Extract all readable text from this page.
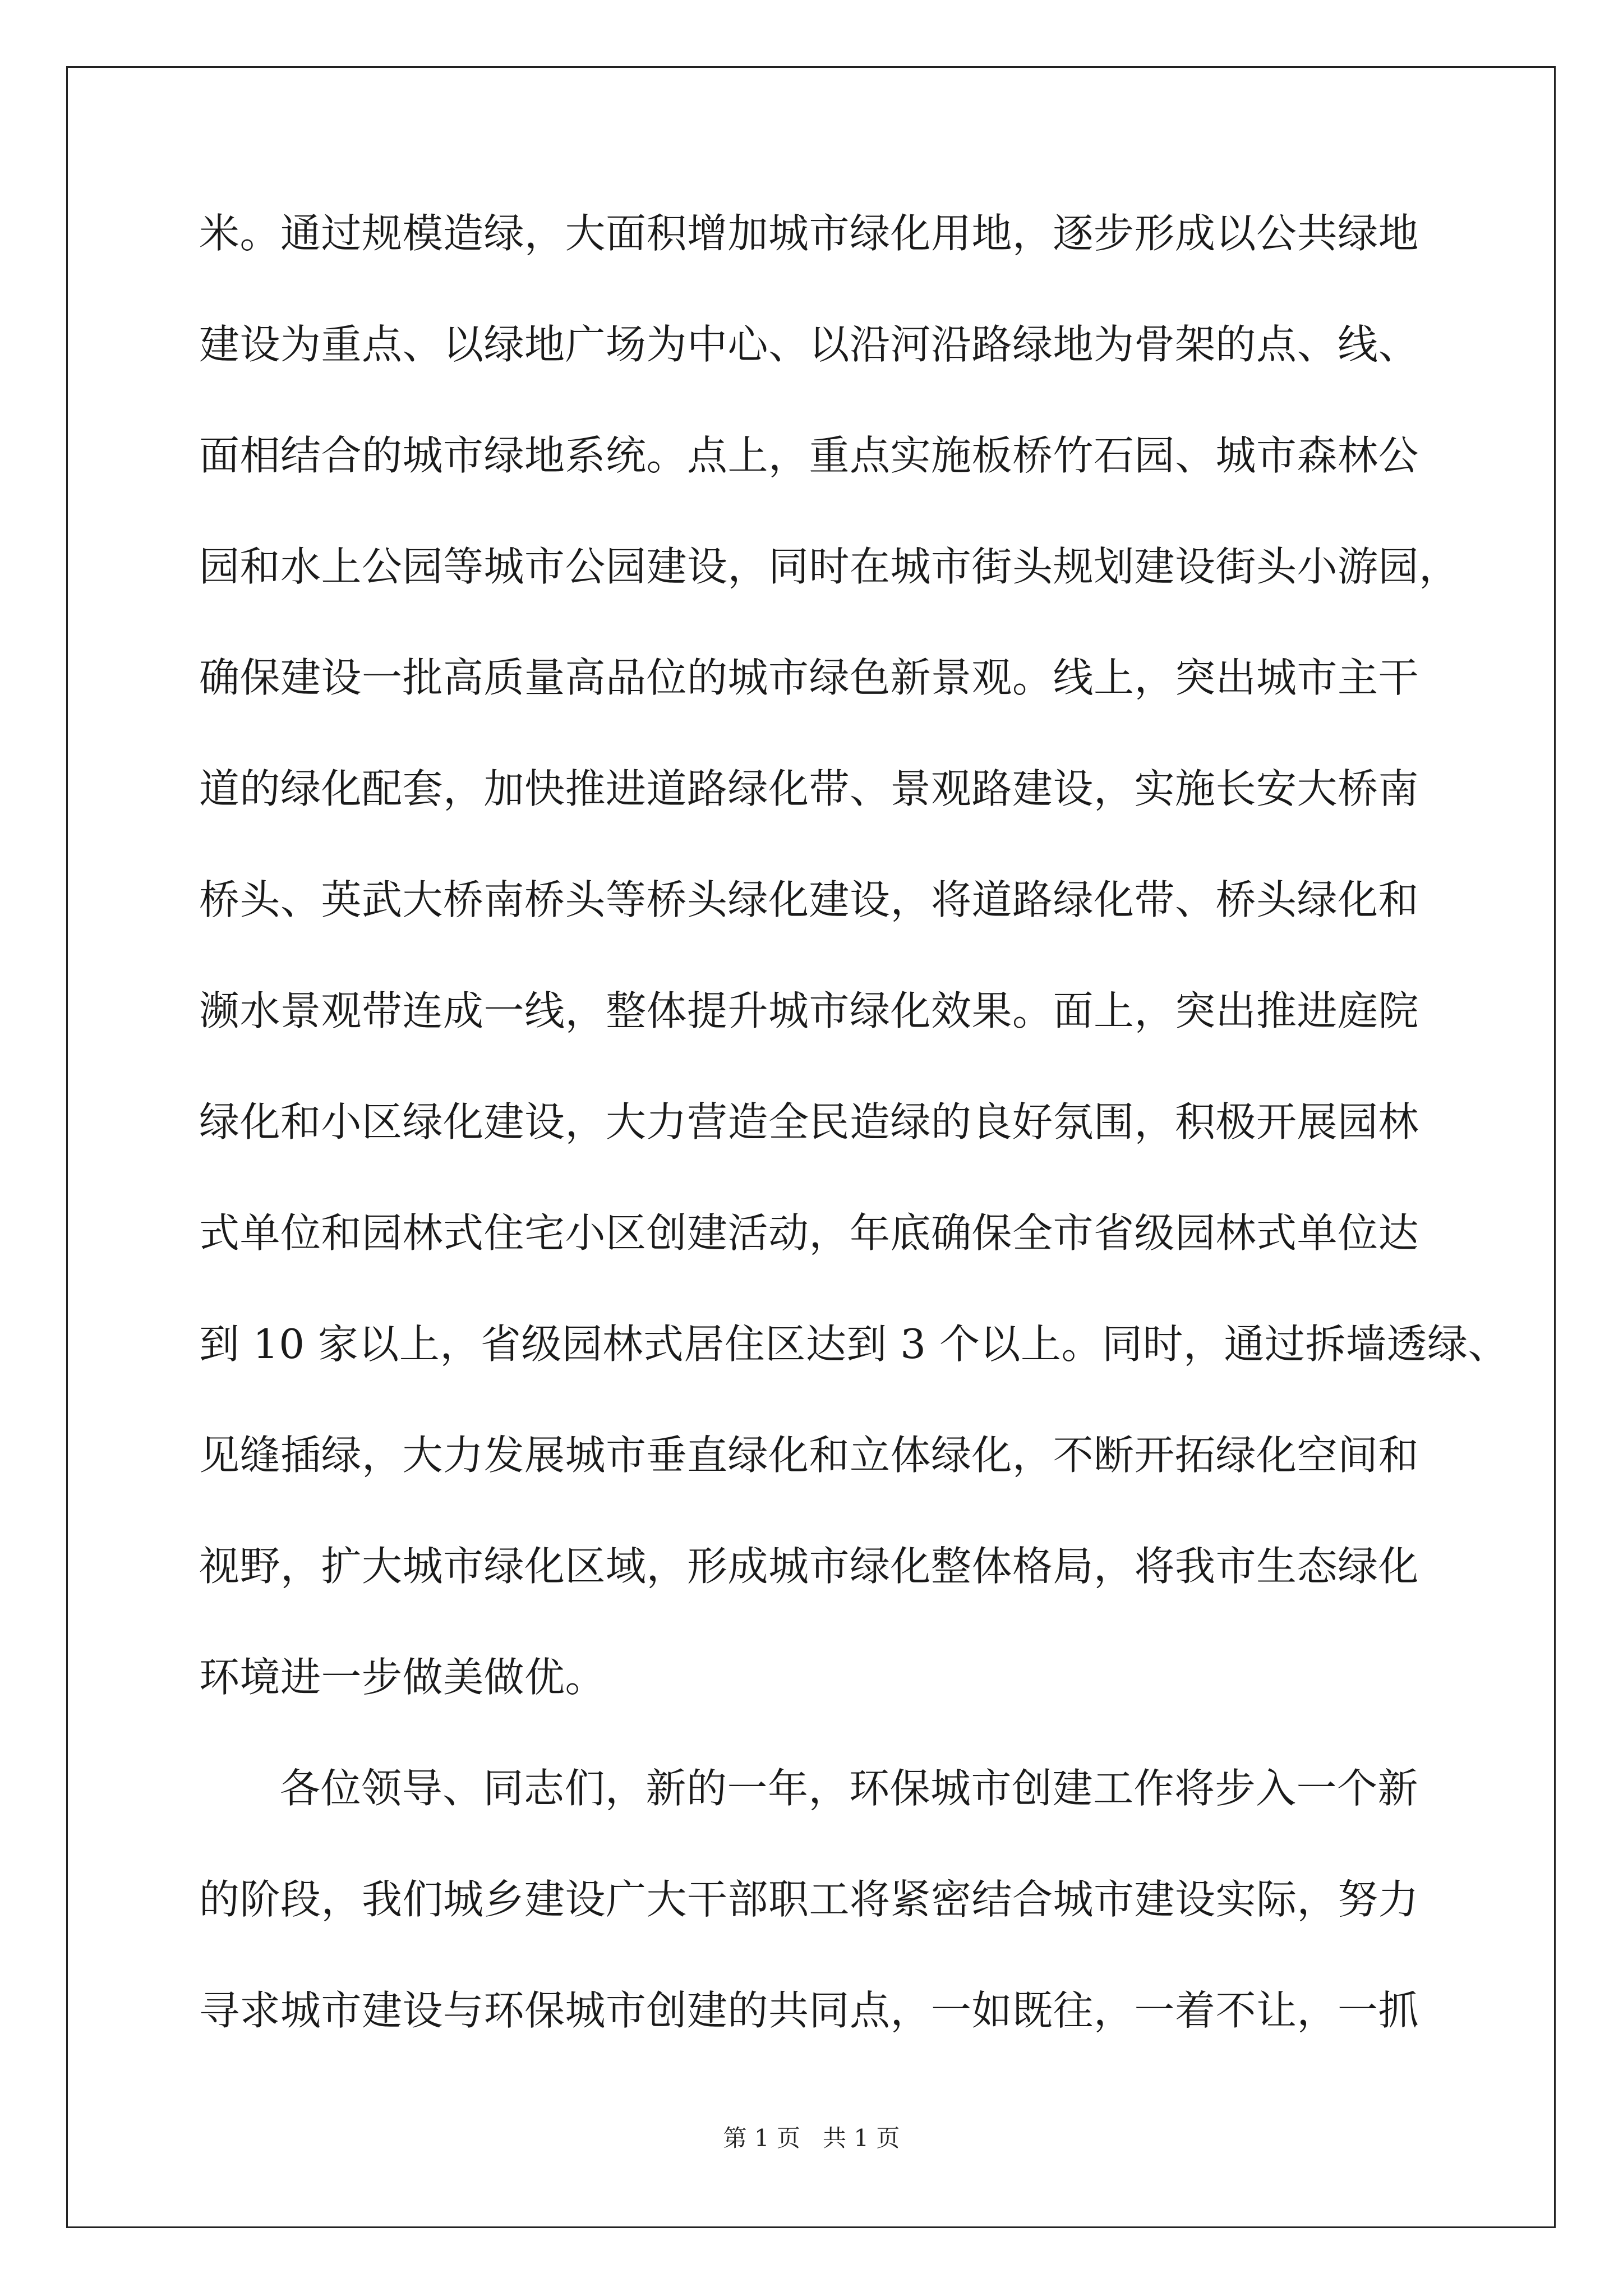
米。通过规模造绿，大面积增加城市绿化用地，逐步形成以公共绿地
建设为重点、以绿地广场为中心、以沿河沿路绿地为骨架的点、线、
面相结合的城市绿地系统。点上，重点实施板桥竹石园、城市森林公
园和水上公园等城市公园建设，同时在城市街头规划建设街头小游园，
确保建设一批高质量高品位的城市绿色新景观。线上，突出城市主干
道的绿化配套，加快推进道路绿化带、景观路建设，实施长安大桥南
桥头、英武大桥南桥头等桥头绿化建设，将道路绿化带、桥头绿化和
濒水景观带连成一线，整体提升城市绿化效果。面上，突出推进庭院
绿化和小区绿化建设，大力营造全民造绿的良好氛围，积极开展园林
式单位和园林式住宅小区创建活动，年底确保全市省级园林式单位达
到 10 家以上，省级园林式居住区达到 3 个以上。同时，通过拆墙透绿、
见缝插绿，大力发展城市垂直绿化和立体绿化，不断开拓绿化空间和
视野，扩大城市绿化区域，形成城市绿化整体格局，将我市生态绿化
环境进一步做美做优。
各位领导、同志们，新的一年，环保城市创建工作将步入一个新
的阶段，我们城乡建设广大干部职工将紧密结合城市建设实际，努力
寻求城市建设与环保城市创建的共同点，一如既往，一着不让，一抓
第 1 页 共 1 页
